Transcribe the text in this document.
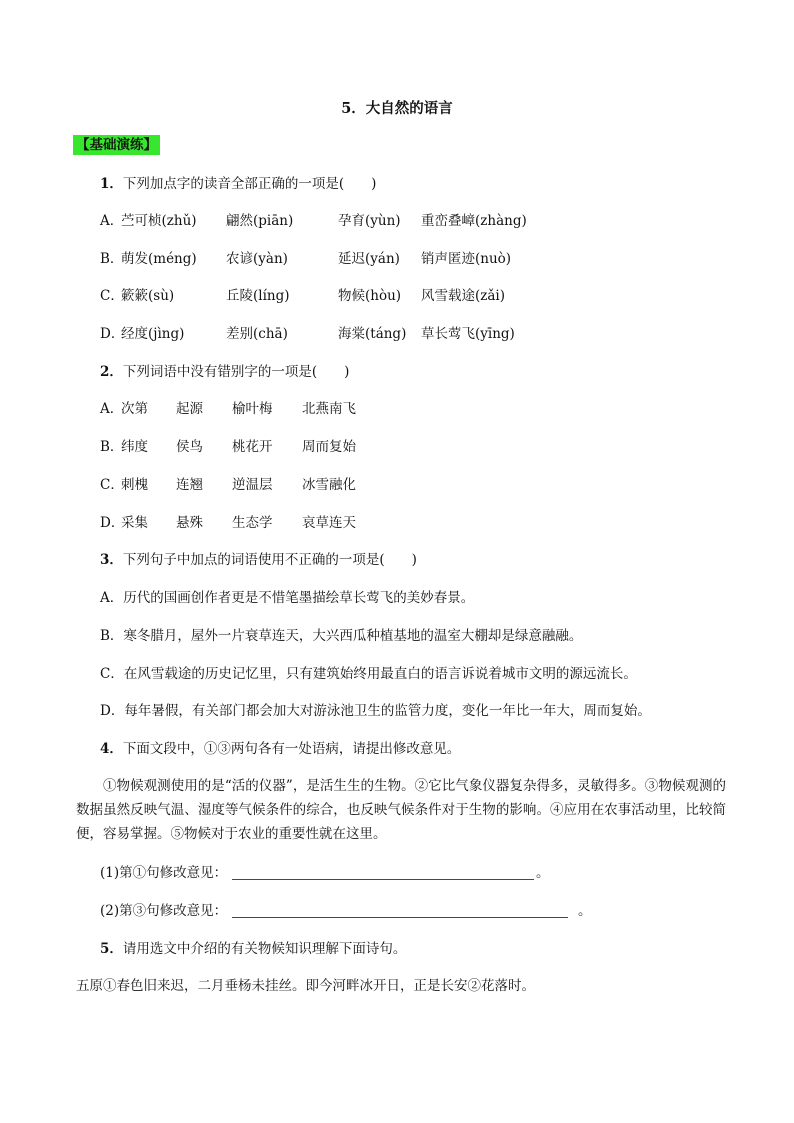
5．大自然的语言
【基础演练】
1．下列加点字的读音全部正确的一项是(　　)
A．
苎可桢(zhǔ) 翩然(piān)	孕育(yùn) 重峦叠嶂(zhàng)
B．
萌发(méng) 农谚(yàn)	延迟(yán) 销声匿迹(nuò)
C．
簌簌(sù)	丘陵(líng)	物候(hòu) 风雪载途(zǎi)
D．
经度(jìng)	差别(chā)	海棠(táng) 草长莺飞(yīng)
2．下列词语中没有错别字的一项是(　　)
A．
次第 起源 榆叶梅 北燕南飞
B．
纬度 侯鸟 桃花开 周而复始
C．
刺槐 连翘 逆温层 冰雪融化
D．
采集 悬殊 生态学 哀草连天
3．下列句子中加点的词语使用不正确的一项是(　　)
A．历代的国画创作者更是不惜笔墨描绘草长莺飞的美妙春景。
B．寒冬腊月，屋外一片衰草连天，大兴西瓜种植基地的温室大棚却是绿意融融。
C．在风雪载途的历史记忆里，只有建筑始终用最直白的语言诉说着城市文明的源远流长。
D．每年暑假，有关部门都会加大对游泳池卫生的监管力度，变化一年比一年大，周而复始。
4．下面文段中，①③两句各有一处语病，请提出修改意见。
①物候观测使用的是“活的仪器”，是活生生的生物。②它比气象仪器复杂得多，灵敏得多。③物候观测的数据虽然反映气温、湿度等气候条件的综合，也反映气候条件对于生物的影响。④应用在农事活动里，比较简便，容易掌握。⑤物候对于农业的重要性就在这里。
(1)第①句修改意见：	。
(2)第③句修改意见：	。
5．请用选文中介绍的有关物候知识理解下面诗句。
五原①春色旧来迟，二月垂杨未挂丝。即今河畔冰开日，正是长安②花落时。
